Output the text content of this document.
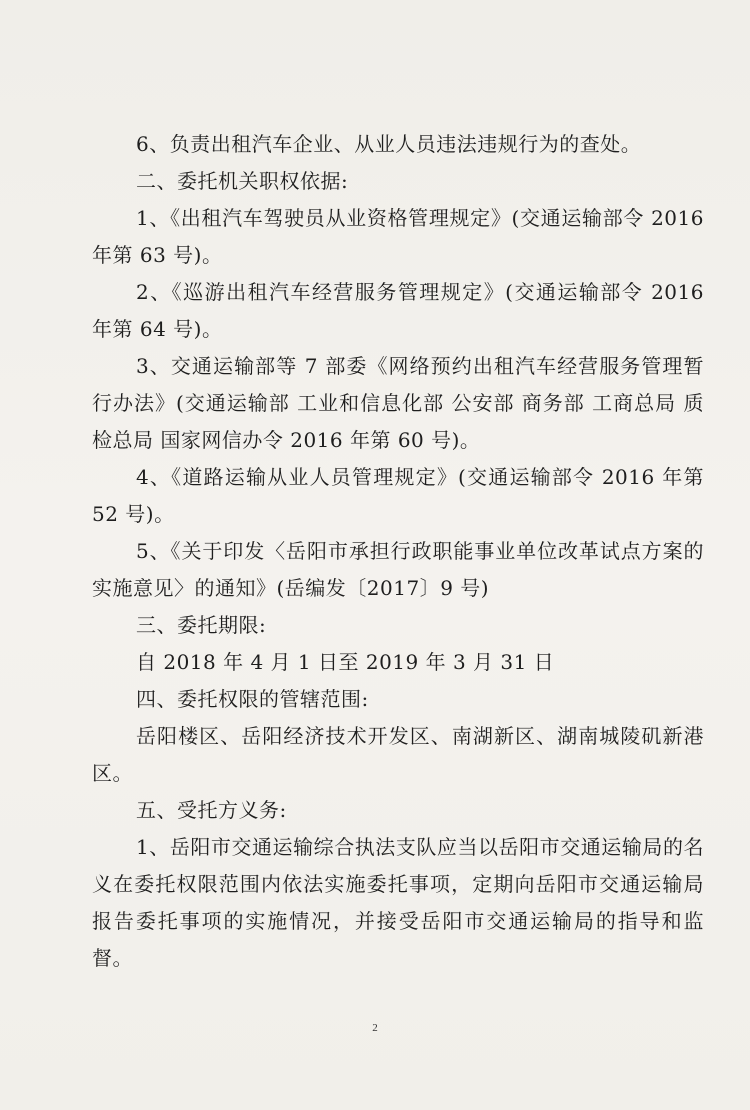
6、负责出租汽车企业、从业人员违法违规行为的查处。

二、委托机关职权依据:

1、《出租汽车驾驶员从业资格管理规定》(交通运输部令 2016 年第 63 号)。

2、《巡游出租汽车经营服务管理规定》(交通运输部令 2016 年第 64 号)。

3、交通运输部等 7 部委《网络预约出租汽车经营服务管理暂行办法》(交通运输部 工业和信息化部 公安部 商务部 工商总局 质检总局 国家网信办令 2016 年第 60 号)。

4、《道路运输从业人员管理规定》(交通运输部令 2016 年第 52 号)。

5、《关于印发〈岳阳市承担行政职能事业单位改革试点方案的实施意见〉的通知》(岳编发〔2017〕9 号)

三、委托期限:

自 2018 年 4 月 1 日至 2019 年 3 月 31 日

四、委托权限的管辖范围:

岳阳楼区、岳阳经济技术开发区、南湖新区、湖南城陵矶新港区。

五、受托方义务:

1、岳阳市交通运输综合执法支队应当以岳阳市交通运输局的名义在委托权限范围内依法实施委托事项，定期向岳阳市交通运输局报告委托事项的实施情况，并接受岳阳市交通运输局的指导和监督。

2
